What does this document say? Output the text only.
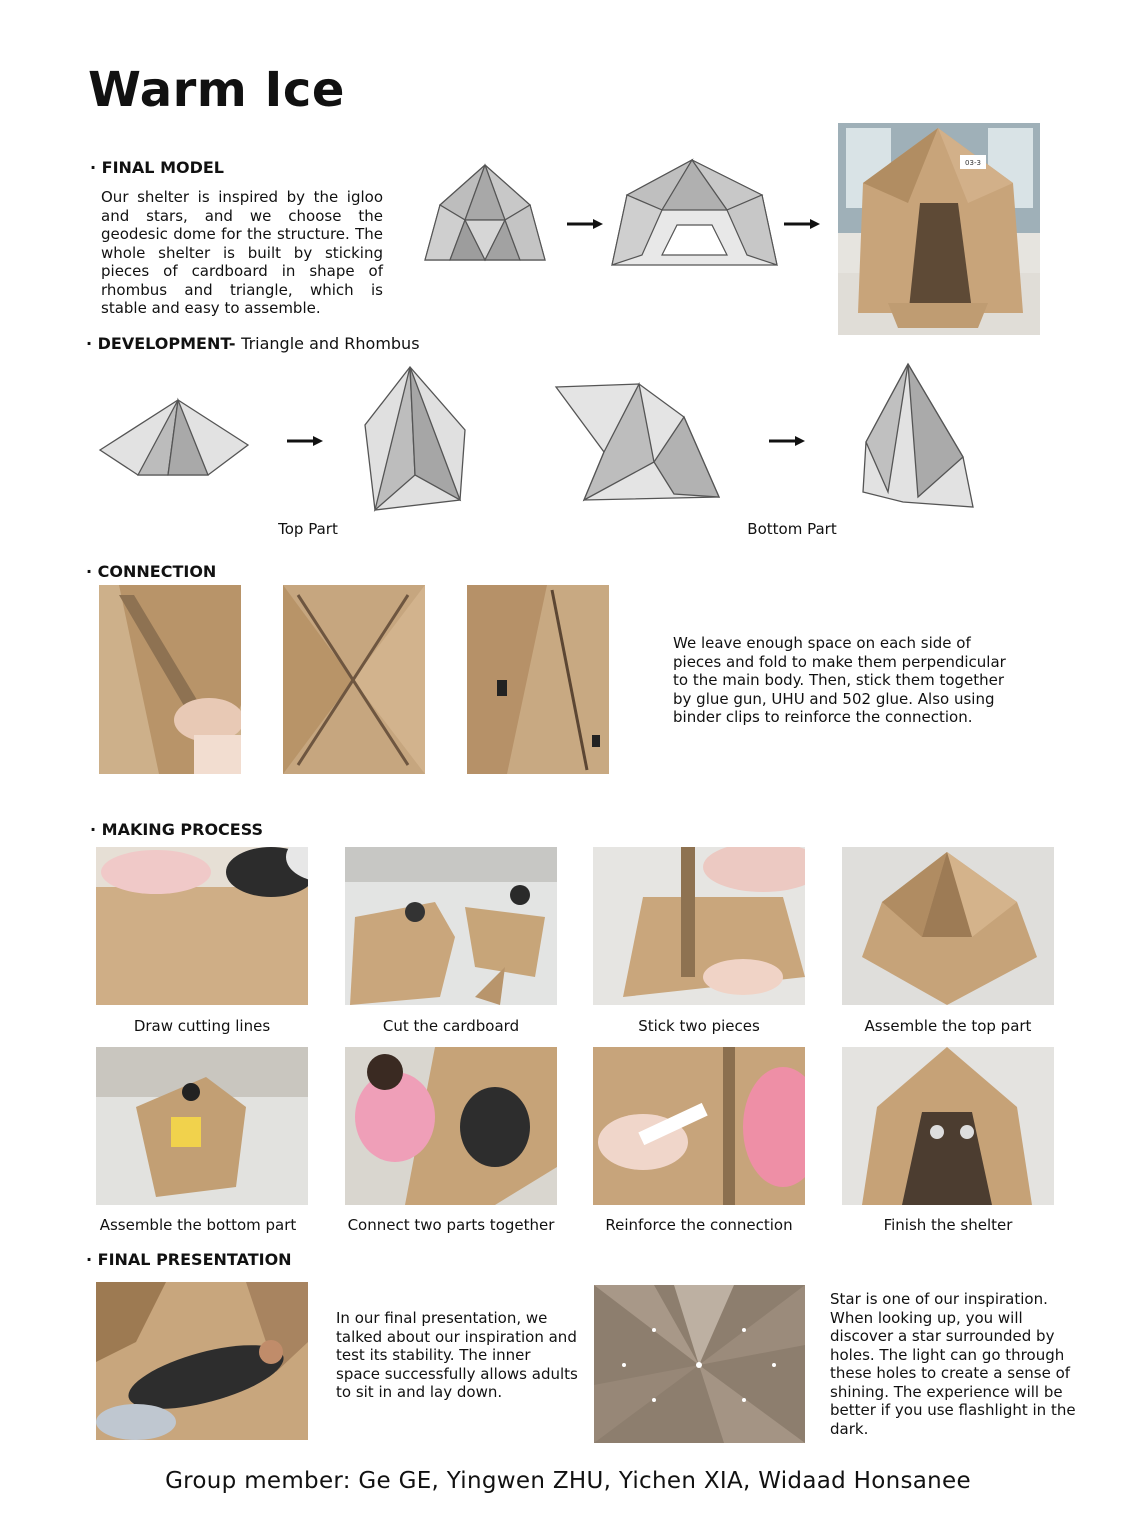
Warm Ice
· FINAL MODEL
Our shelter is inspired by the igloo and stars, and we choose the geodesic dome for the structure. The whole shelter is built by sticking pieces of cardboard in shape of rhombus and triangle, which is stable and easy to assemble.
03-3
· DEVELOPMENT- Triangle and Rhombus
Top Part	Bottom Part
· CONNECTION
We leave enough space on each side of pieces and fold to make them perpendicular to the main body. Then, stick them together by glue gun, UHU and 502 glue. Also using binder clips to reinforce the connection.
· MAKING PROCESS
Draw cutting lines	Cut the cardboard	Stick two pieces	Assemble the top part
Assemble the bottom part	Connect two parts together	Reinforce the connection	Finish the shelter
· FINAL PRESENTATION
In our final presentation, we talked about our inspiration and test its stability. The inner space successfully allows adults to sit in and lay down.
Star is one of our inspiration. When looking up, you will discover a star surrounded by holes. The light can go through these holes to create a sense of shining. The experience will be better if you use flashlight in the dark.
Group member: Ge GE, Yingwen ZHU, Yichen XIA, Widaad Honsanee
